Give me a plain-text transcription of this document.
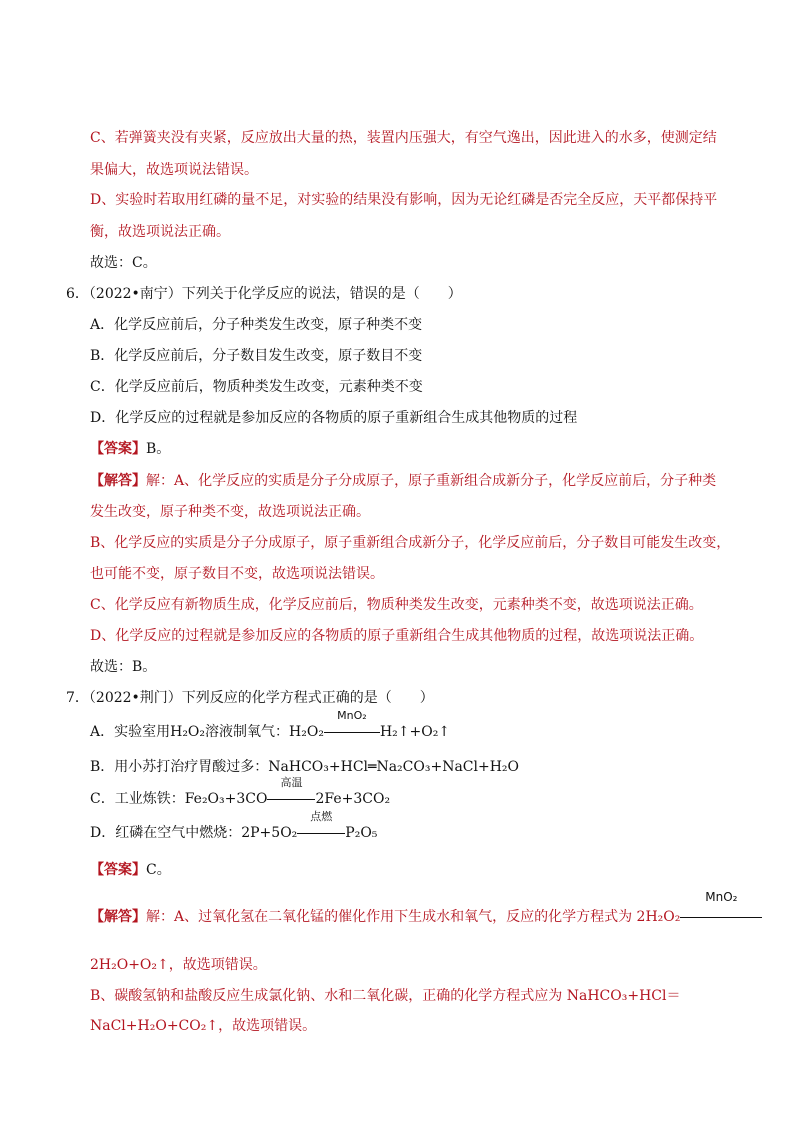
C、若弹簧夹没有夹紧，反应放出大量的热，装置内压强大，有空气逸出，因此进入的水多，使测定结
果偏大，故选项说法错误。
D、实验时若取用红磷的量不足，对实验的结果没有影响，因为无论红磷是否完全反应，天平都保持平
衡，故选项说法正确。
故选：C。
6．（2022•南宁）下列关于化学反应的说法，错误的是（　　）
A．化学反应前后，分子种类发生改变，原子种类不变
B．化学反应前后，分子数目发生改变，原子数目不变
C．化学反应前后，物质种类发生改变，元素种类不变
D．化学反应的过程就是参加反应的各物质的原子重新组合生成其他物质的过程
【答案】B。
【解答】解：A、化学反应的实质是分子分成原子，原子重新组合成新分子，化学反应前后，分子种类
发生改变，原子种类不变，故选项说法正确。
B、化学反应的实质是分子分成原子，原子重新组合成新分子，化学反应前后，分子数目可能发生改变，
也可能不变，原子数目不变，故选项说法错误。
C、化学反应有新物质生成，化学反应前后，物质种类发生改变，元素种类不变，故选项说法正确。
D、化学反应的过程就是参加反应的各物质的原子重新组合生成其他物质的过程，故选项说法正确。
故选：B。
7．（2022•荆门）下列反应的化学方程式正确的是（　　）
A．实验室用H₂O₂溶液制氧气：H₂O₂
MnO₂
H₂↑+O₂↑
B．用小苏打治疗胃酸过多：NaHCO₃+HCl═Na₂CO₃+NaCl+H₂O
C．工业炼铁：Fe₂O₃+3CO
高温
2Fe+3CO₂
D．红磷在空气中燃烧：2P+5O₂
点燃
P₂O₅
【答案】C。
【解答】解：A、过氧化氢在二氧化锰的催化作用下生成水和氧气，反应的化学方程式为 2H₂O₂
MnO₂
2H₂O+O₂↑，故选项错误。
B、碳酸氢钠和盐酸反应生成氯化钠、水和二氧化碳，正确的化学方程式应为 NaHCO₃+HCl＝
NaCl+H₂O+CO₂↑，故选项错误。
